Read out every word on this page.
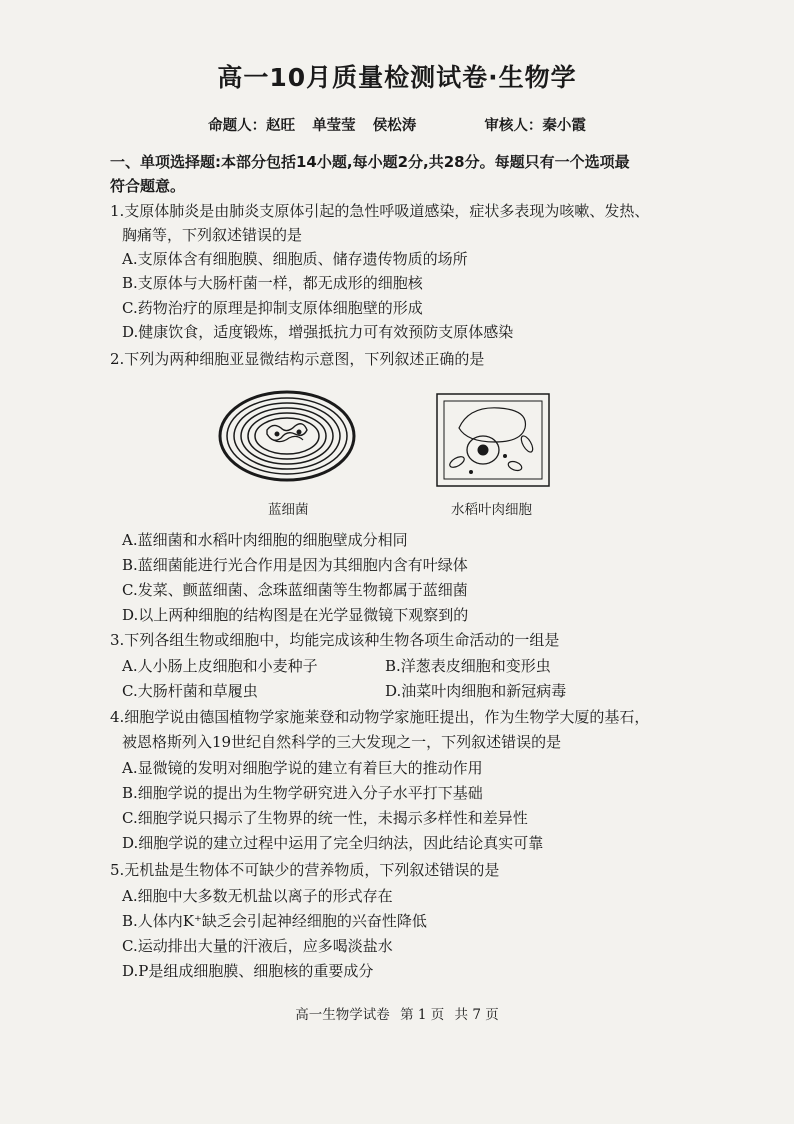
高一10月质量检测试卷·生物学
命题人：赵旺 单莹莹 侯松涛	审核人：秦小霞
一、单项选择题:本部分包括14小题,每小题2分,共28分。每题只有一个选项最
符合题意。
1.支原体肺炎是由肺炎支原体引起的急性呼吸道感染，症状多表现为咳嗽、发热、
胸痛等，下列叙述错误的是
A.支原体含有细胞膜、细胞质、储存遗传物质的场所
B.支原体与大肠杆菌一样，都无成形的细胞核
C.药物治疗的原理是抑制支原体细胞壁的形成
D.健康饮食，适度锻炼，增强抵抗力可有效预防支原体感染
2.下列为两种细胞亚显微结构示意图，下列叙述正确的是
蓝细菌	水稻叶肉细胞
A.蓝细菌和水稻叶肉细胞的细胞壁成分相同
B.蓝细菌能进行光合作用是因为其细胞内含有叶绿体
C.发菜、颤蓝细菌、念珠蓝细菌等生物都属于蓝细菌
D.以上两种细胞的结构图是在光学显微镜下观察到的
3.下列各组生物或细胞中，均能完成该种生物各项生命活动的一组是
A.人小肠上皮细胞和小麦种子	B.洋葱表皮细胞和变形虫
C.大肠杆菌和草履虫	D.油菜叶肉细胞和新冠病毒
4.细胞学说由德国植物学家施莱登和动物学家施旺提出，作为生物学大厦的基石，
被恩格斯列入19世纪自然科学的三大发现之一，下列叙述错误的是
A.显微镜的发明对细胞学说的建立有着巨大的推动作用
B.细胞学说的提出为生物学研究进入分子水平打下基础
C.细胞学说只揭示了生物界的统一性，未揭示多样性和差异性
D.细胞学说的建立过程中运用了完全归纳法，因此结论真实可靠
5.无机盐是生物体不可缺少的营养物质，下列叙述错误的是
A.细胞中大多数无机盐以离子的形式存在
B.人体内K⁺缺乏会引起神经细胞的兴奋性降低
C.运动排出大量的汗液后，应多喝淡盐水
D.P是组成细胞膜、细胞核的重要成分
高一生物学试卷 第 1 页 共 7 页
